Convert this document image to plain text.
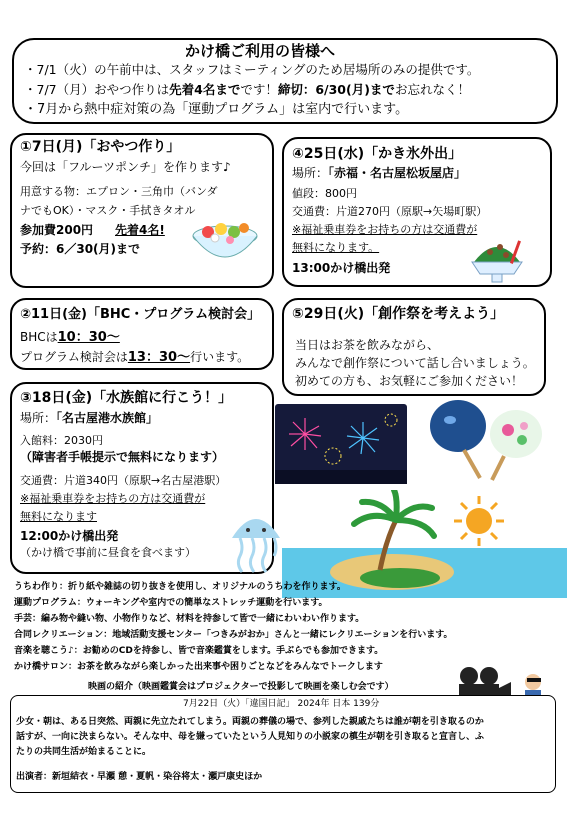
かけ橋ご利用の皆様へ
・7/1（火）の午前中は、スタッフはミーティングのため居場所のみの提供です。
・7/7（月）おやつ作りは先着4名までです！締切：6/30(月)までお忘れなく！
・7月から熱中症対策の為「運動プログラム」は室内で行います。
①7日(月)「おやつ作り」
今回は「フルーツポンチ」を作ります♪
用意する物：エプロン・三角巾（バンダ
ナでもOK）・マスク・手拭きタオル
参加費200円 先着4名!
予約：6／30(月)まで
④25日(水)「かき氷外出」
場所：「赤福・名古屋松坂屋店」
値段：800円
交通費：片道270円（原駅→矢場町駅）
※福祉乗車券をお持ちの方は交通費が
無料になります。
13:00かけ橋出発
②11日(金)「BHC・プログラム検討会」
BHCは10：30～
プログラム検討会は13：30～行います。
⑤29日(火)「創作祭を考えよう」
当日はお茶を飲みながら、
みんなで創作祭について話し合いましょう。
初めての方も、お気軽にご参加ください！
③18日(金)「水族館に行こう！」
場所：「名古屋港水族館」
入館料：2030円
（障害者手帳提示で無料になります）
交通費：片道340円（原駅→名古屋港駅）
※福祉乗車券をお持ちの方は交通費が
無料になります
12:00かけ橋出発
（かけ橋で事前に昼食を食べます）
うちわ作り：折り紙や雑誌の切り抜きを使用し、オリジナルのうちわを作ります。
運動プログラム：ウォーキングや室内での簡単なストレッチ運動を行います。
手芸：編み物や縫い物、小物作りなど、材料を持参して皆で一緒にわいわい作ります。
合同レクリエーション：地域活動支援センター「つきみがおか」さんと一緒にレクリエーションを行います。
音楽を聴こう♪：お勧めのCDを持参し、皆で音楽鑑賞をします。手ぶらでも参加できます。
かけ橋サロン：お茶を飲みながら楽しかった出来事や困りごとなどをみんなでトークします
映画の紹介（映画鑑賞会はプロジェクターで投影して映画を楽しむ会です）
7月22日（火）「違国日記」 2024年 日本 139分
少女・朝は、ある日突然、両親に先立たれてしまう。両親の葬儀の場で、参列した親戚たちは誰が朝を引き取るのか
話すが、一向に決まらない。そんな中、母を嫌っていたという人見知りの小説家の槙生が朝を引き取ると宣言し、ふ
たりの共同生活が始まることに。
出演者：新垣結衣・早瀬 憩・夏帆・染谷将太・瀬戸康史ほか
